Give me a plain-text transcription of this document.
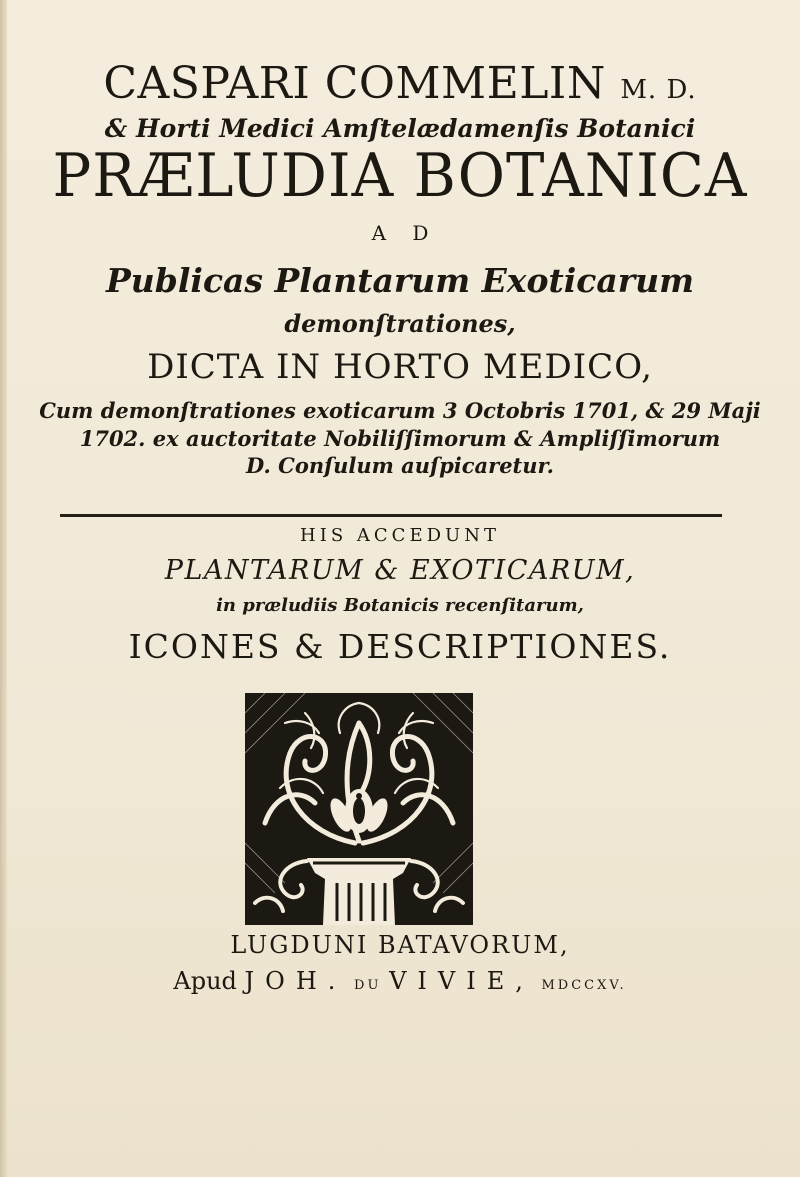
CASPARI COMMELIN M. D.
& Horti Medici Amſtelædamenſis Botanici
PRÆLUDIA BOTANICA
A D
Publicas Plantarum Exoticarum
demonſtrationes,
DICTA IN HORTO MEDICO,
Cum demonſtrationes exoticarum 3 Octobris 1701, & 29 Maji
1702. ex auctoritate Nobiliſſimorum & Ampliſſimorum
D. Conſulum auſpicaretur.
HIS ACCEDUNT
PLANTARUM & EXOTICARUM,
in præludiis Botanicis recenſitarum,
ICONES & DESCRIPTIONES.
LUGDUNI BATAVORUM,
Apud JOH. DU VIVIE, MDCCXV.
